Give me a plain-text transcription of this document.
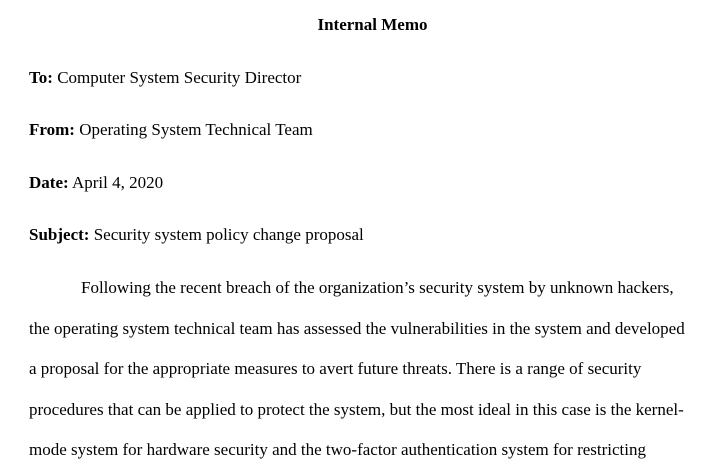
Internal Memo
To: Computer System Security Director
From: Operating System Technical Team
Date: April 4, 2020
Subject: Security system policy change proposal
Following the recent breach of the organization’s security system by unknown hackers,
the operating system technical team has assessed the vulnerabilities in the system and developed
a proposal for the appropriate measures to avert future threats. There is a range of security
procedures that can be applied to protect the system, but the most ideal in this case is the kernel-
mode system for hardware security and the two-factor authentication system for restricting
